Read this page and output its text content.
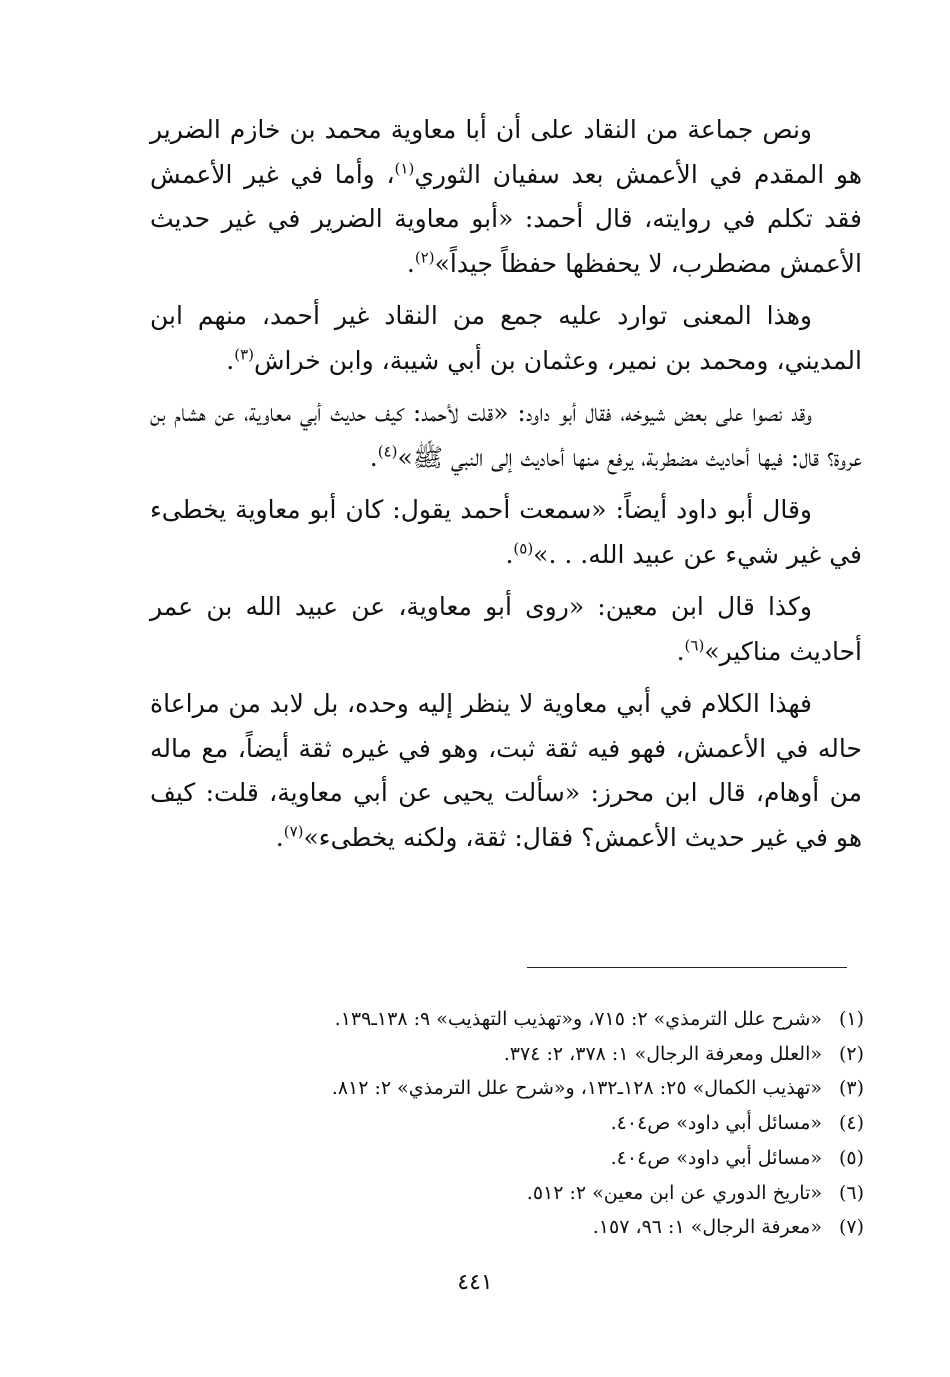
ونص جماعة من النقاد على أن أبا معاوية محمد بن خازم الضرير هو المقدم في الأعمش بعد سفيان الثوري$^{(١)}$، وأما في غير الأعمش فقد تكلم في روايته، قال أحمد: «أبو معاوية الضرير في غير حديث الأعمش مضطرب، لا يحفظها حفظاً جيداً»$^{(٢)}$.

وهذا المعنى توارد عليه جمع من النقاد غير أحمد، منهم ابن المديني، ومحمد بن نمير، وعثمان بن أبي شيبة، وابن خراش$^{(٣)}$.

وقد نصوا على بعض شيوخه، فقال أبو داود: «قلت لأحمد: كيف حديث أبي معاوية، عن هشام بن عروة؟ قال: فيها أحاديث مضطربة، يرفع منها أحاديث إلى النبي ﷺ»$^{(٤)}$.

وقال أبو داود أيضاً: «سمعت أحمد يقول: كان أبو معاوية يخطىء في غير شيء عن عبيد الله. . .»$^{(٥)}$.

وكذا قال ابن معين: «روى أبو معاوية، عن عبيد الله بن عمر أحاديث مناكير»$^{(٦)}$.

فهذا الكلام في أبي معاوية لا ينظر إليه وحده، بل لابد من مراعاة حاله في الأعمش، فهو فيه ثقة ثبت، وهو في غيره ثقة أيضاً، مع ماله من أوهام، قال ابن محرز: «سألت يحيى عن أبي معاوية، قلت: كيف هو في غير حديث الأعمش؟ فقال: ثقة، ولكنه يخطىء»$^{(٧)}$.

(١)
«شرح علل الترمذي» ٢: ٧١٥، و«تهذيب التهذيب» ٩: ١٣٨ـ١٣٩.
(٢)
«العلل ومعرفة الرجال» ١: ٣٧٨، ٢: ٣٧٤.
(٣)
«تهذيب الكمال» ٢٥: ١٢٨ـ١٣٢، و«شرح علل الترمذي» ٢: ٨١٢.
(٤)
«مسائل أبي داود» ص٤٠٤.
(٥)
«مسائل أبي داود» ص٤٠٤.
(٦)
«تاريخ الدوري عن ابن معين» ٢: ٥١٢.
(٧)
«معرفة الرجال» ١: ٩٦، ١٥٧.
٤٤١
